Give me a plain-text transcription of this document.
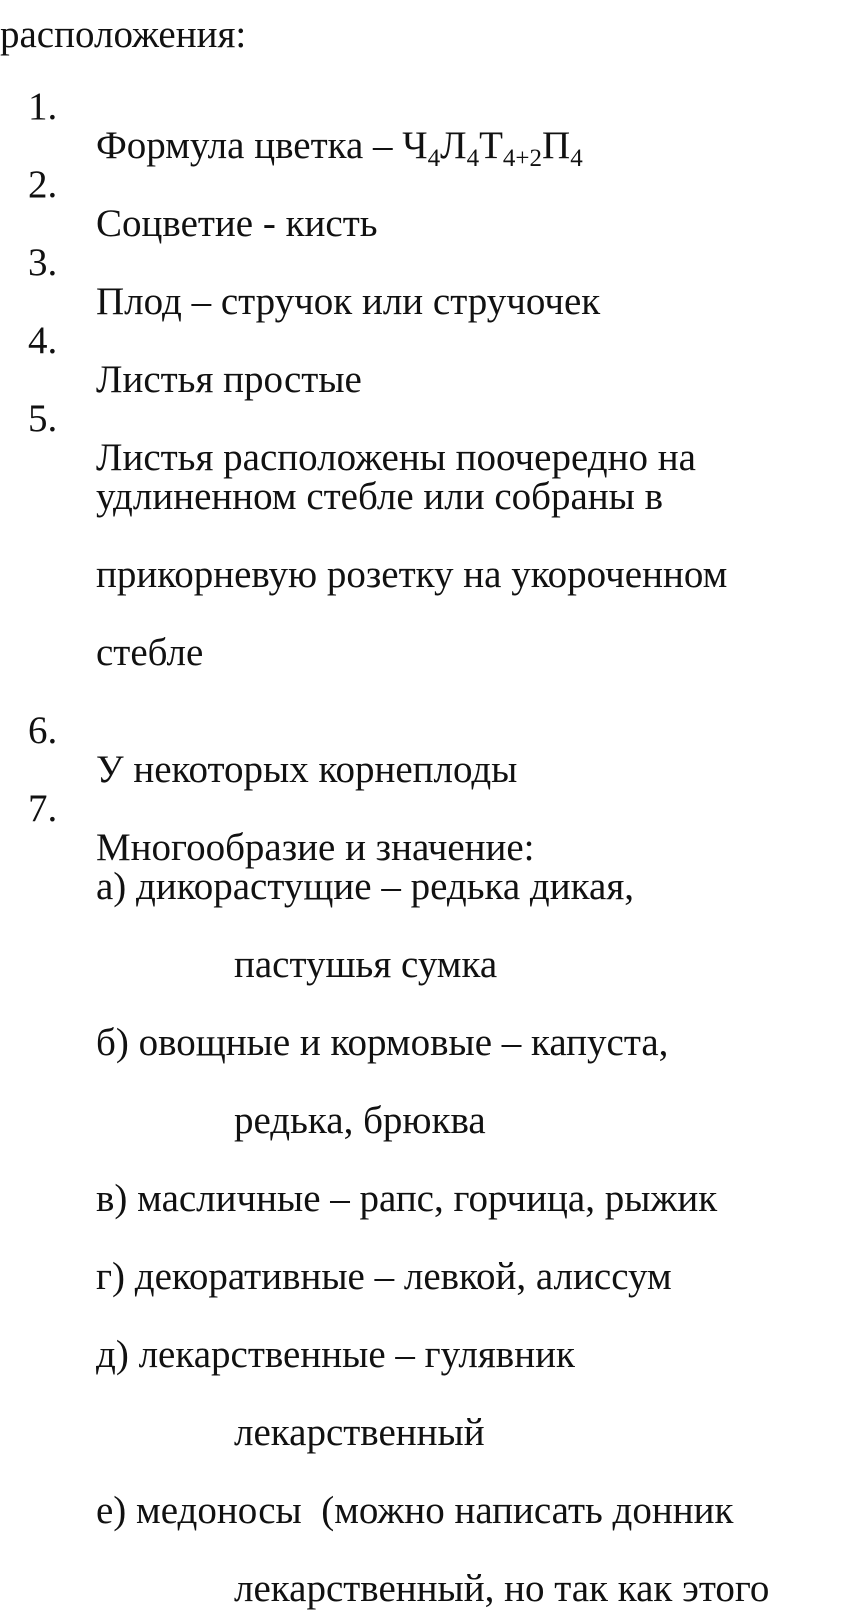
расположения:

1.

Формула цветка – $Ч_4Л_4Т_{4+2}П_4$

2.

Соцветие - кисть

3.

Плод – стручок или стручочек

4.

Листья простые

5.

Листья расположены поочередно на

удлиненном стебле или собраны в

прикорневую розетку на укороченном

стебле

6.

У некоторых корнеплоды

7.

Многообразие и значение:

а) дикорастущие – редька дикая,

пастушья сумка

б) овощные и кормовые – капуста,

редька, брюква

в) масличные – рапс, горчица, рыжик

г) декоративные – левкой, алиссум

д) лекарственные – гулявник

лекарственный

е) медоносы  (можно написать донник

лекарственный, но так как этого
